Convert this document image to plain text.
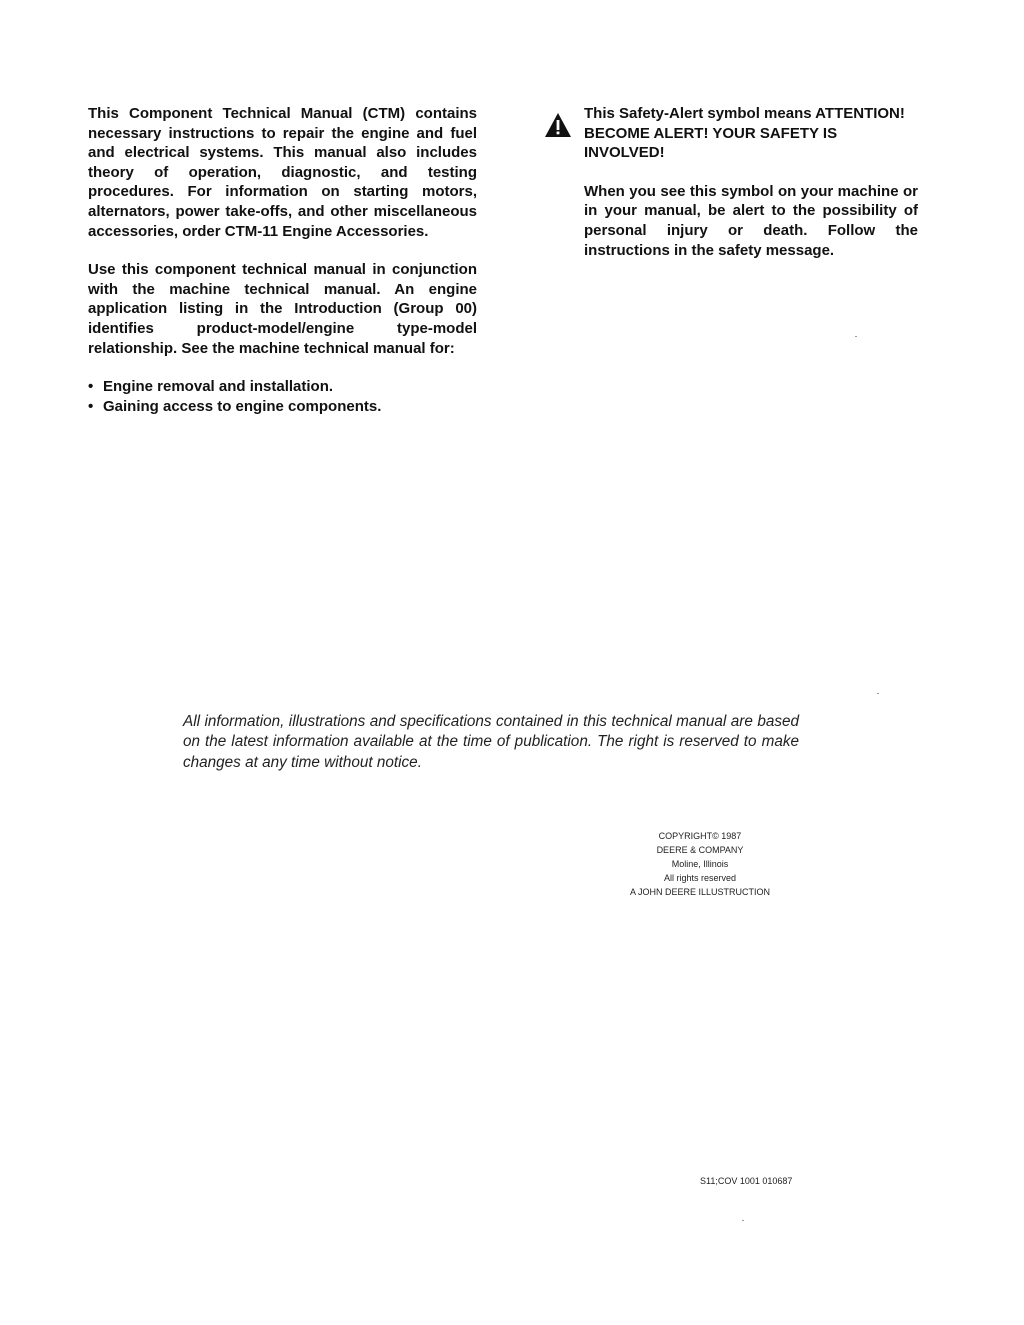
This Component Technical Manual (CTM) contains necessary instructions to repair the engine and fuel and electrical systems. This manual also includes theory of operation, diagnostic, and testing procedures. For information on starting motors, alternators, power take-offs, and other miscellaneous accessories, order CTM-11 Engine Accessories.

Use this component technical manual in conjunction with the machine technical manual. An engine application listing in the Introduction (Group 00) identifies product-model/engine type-model relationship. See the machine technical manual for:

• Engine removal and installation.
• Gaining access to engine components.

This Safety-Alert symbol means ATTENTION! BECOME ALERT! YOUR SAFETY IS INVOLVED!

When you see this symbol on your machine or in your manual, be alert to the possibility of personal injury or death. Follow the instructions in the safety message.

All information, illustrations and specifications contained in this technical manual are based on the latest information available at the time of publication. The right is reserved to make changes at any time without notice.

COPYRIGHT© 1987
DEERE & COMPANY
Moline, Illinois
All rights reserved
A JOHN DEERE ILLUSTRUCTION
S11;COV 1001 010687
